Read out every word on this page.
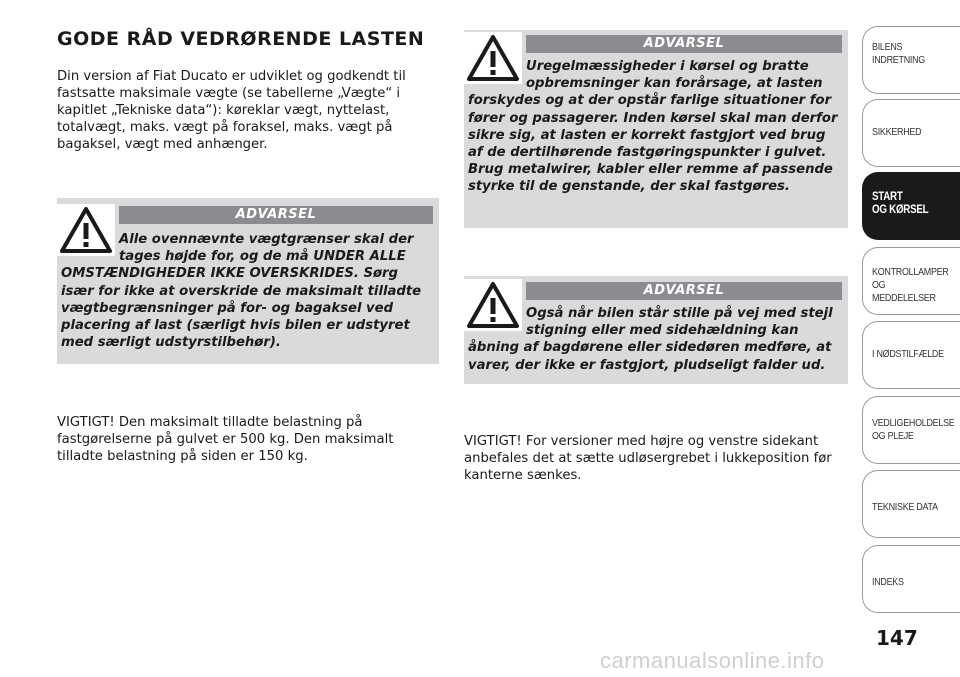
GODE RÅD VEDRØRENDE LASTEN
Din version af Fiat Ducato er udviklet og godkendt til fastsatte maksimale vægte (se tabellerne „Vægte“ i kapitlet „Tekniske data“): køreklar vægt, nyttelast, totalvægt, maks. vægt på foraksel, maks. vægt på bagaksel, vægt med anhænger.
ADVARSEL
Alle ovennævnte vægtgrænser skal der tages højde for, og de må UNDER ALLE
OMSTÆNDIGHEDER IKKE OVERSKRIDES. Sørg især for ikke at overskride de maksimalt tilladte vægtbegrænsninger på for- og bagaksel ved placering af last (særligt hvis bilen er udstyret med særligt udstyrstilbehør).
ADVARSEL
Uregelmæssigheder i kørsel og bratte opbremsninger kan forårsage, at lasten
forskydes og at der opstår farlige situationer for fører og passagerer. Inden kørsel skal man derfor sikre sig, at lasten er korrekt fastgjort ved brug af de dertilhørende fastgøringspunkter i gulvet. Brug metalwirer, kabler eller remme af passende styrke til de genstande, der skal fastgøres.
ADVARSEL
Også når bilen står stille på vej med stejl stigning eller med sidehældning kan
åbning af bagdørene eller sidedøren medføre, at varer, der ikke er fastgjort, pludseligt falder ud.
VIGTIGT! Den maksimalt tilladte belastning på fastgørelserne på gulvet er 500 kg. Den maksimalt tilladte belastning på siden er 150 kg.
VIGTIGT! For versioner med højre og venstre sidekant anbefales det at sætte udløsergrebet i lukkeposition før kanterne sænkes.
BILENS
INDRETNING
SIKKERHED
START
OG KØRSEL
KONTROLLAMPER
OG MEDDELELSER
I NØDSTILFÆLDE
VEDLIGEHOLDELSE
OG PLEJE
TEKNISKE DATA
INDEKS
147
carmanualsonline.info
